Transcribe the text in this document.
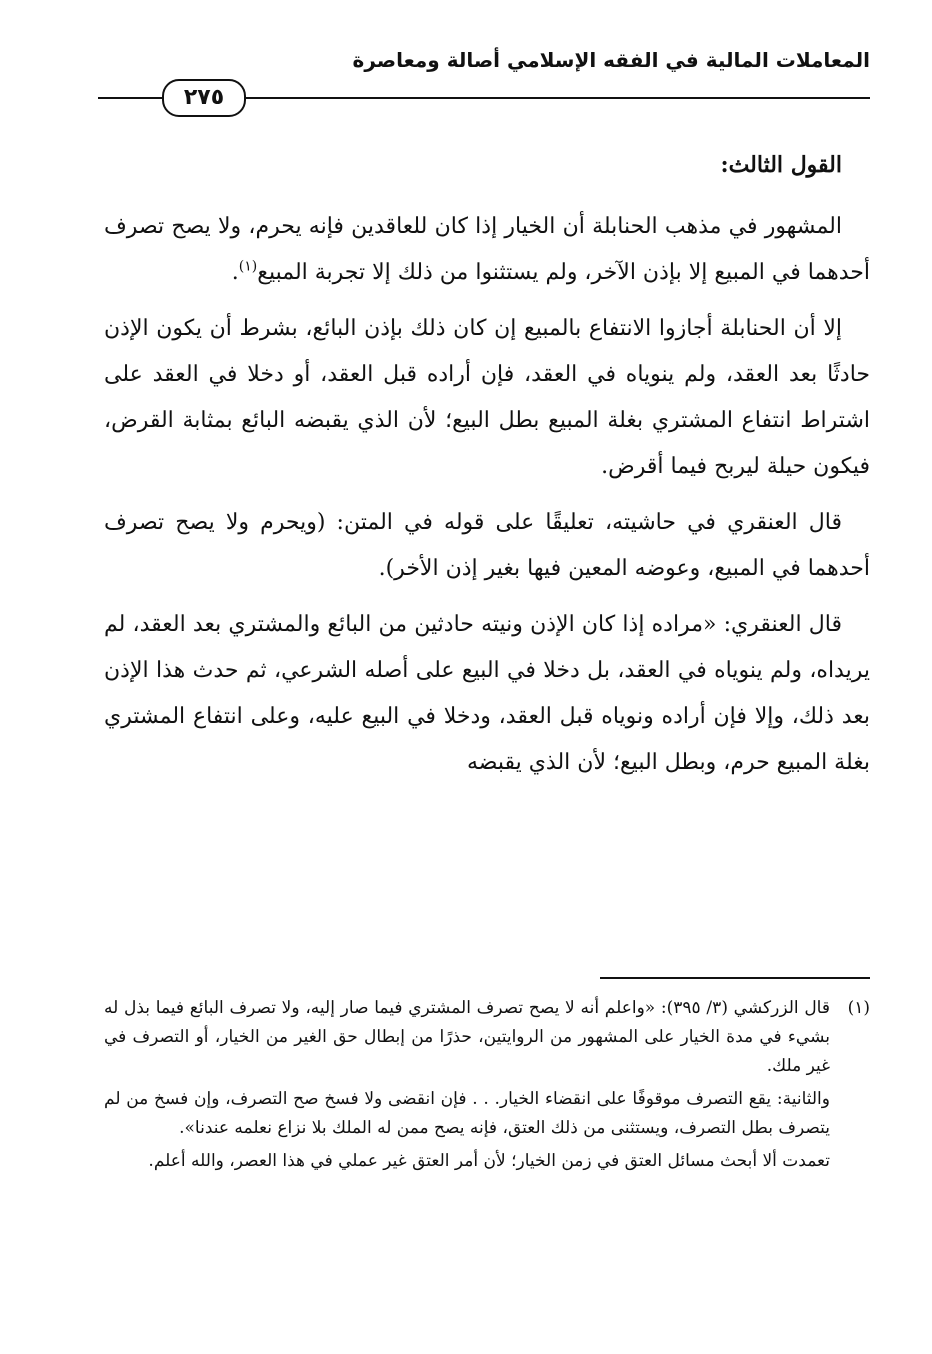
المعاملات المالية في الفقه الإسلامي أصالة ومعاصرة
٢٧٥
القول الثالث:

المشهور في مذهب الحنابلة أن الخيار إذا كان للعاقدين فإنه يحرم، ولا يصح تصرف أحدهما في المبيع إلا بإذن الآخر، ولم يستثنوا من ذلك إلا تجربة المبيع$^{(١)}$.

إلا أن الحنابلة أجازوا الانتفاع بالمبيع إن كان ذلك بإذن البائع، بشرط أن يكون الإذن حادثًا بعد العقد، ولم ينوياه في العقد، فإن أراده قبل العقد، أو دخلا في العقد على اشتراط انتفاع المشتري بغلة المبيع بطل البيع؛ لأن الذي يقبضه البائع بمثابة القرض، فيكون حيلة ليربح فيما أقرض.

قال العنقري في حاشيته، تعليقًا على قوله في المتن: (ويحرم ولا يصح تصرف أحدهما في المبيع، وعوضه المعين فيها بغير إذن الأخر).

قال العنقري: «مراده إذا كان الإذن ونيته حادثين من البائع والمشتري بعد العقد، لم يريداه، ولم ينوياه في العقد، بل دخلا في البيع على أصله الشرعي، ثم حدث هذا الإذن بعد ذلك، وإلا فإن أراده ونوياه قبل العقد، ودخلا في البيع عليه، وعلى انتفاع المشتري بغلة المبيع حرم، وبطل البيع؛ لأن الذي يقبضه

(١)
قال الزركشي (٣/ ٣٩٥): «واعلم أنه لا يصح تصرف المشتري فيما صار إليه، ولا تصرف البائع فيما بذل له بشيء في مدة الخيار على المشهور من الروايتين، حذرًا من إبطال حق الغير من الخيار، أو التصرف في غير ملك.
والثانية: يقع التصرف موقوفًا على انقضاء الخيار. . . فإن انقضى ولا فسخ صح التصرف، وإن فسخ من لم يتصرف بطل التصرف، ويستثنى من ذلك العتق، فإنه يصح ممن له الملك بلا نزاع نعلمه عندنا».
تعمدت ألا أبحث مسائل العتق في زمن الخيار؛ لأن أمر العتق غير عملي في هذا العصر، والله أعلم.
